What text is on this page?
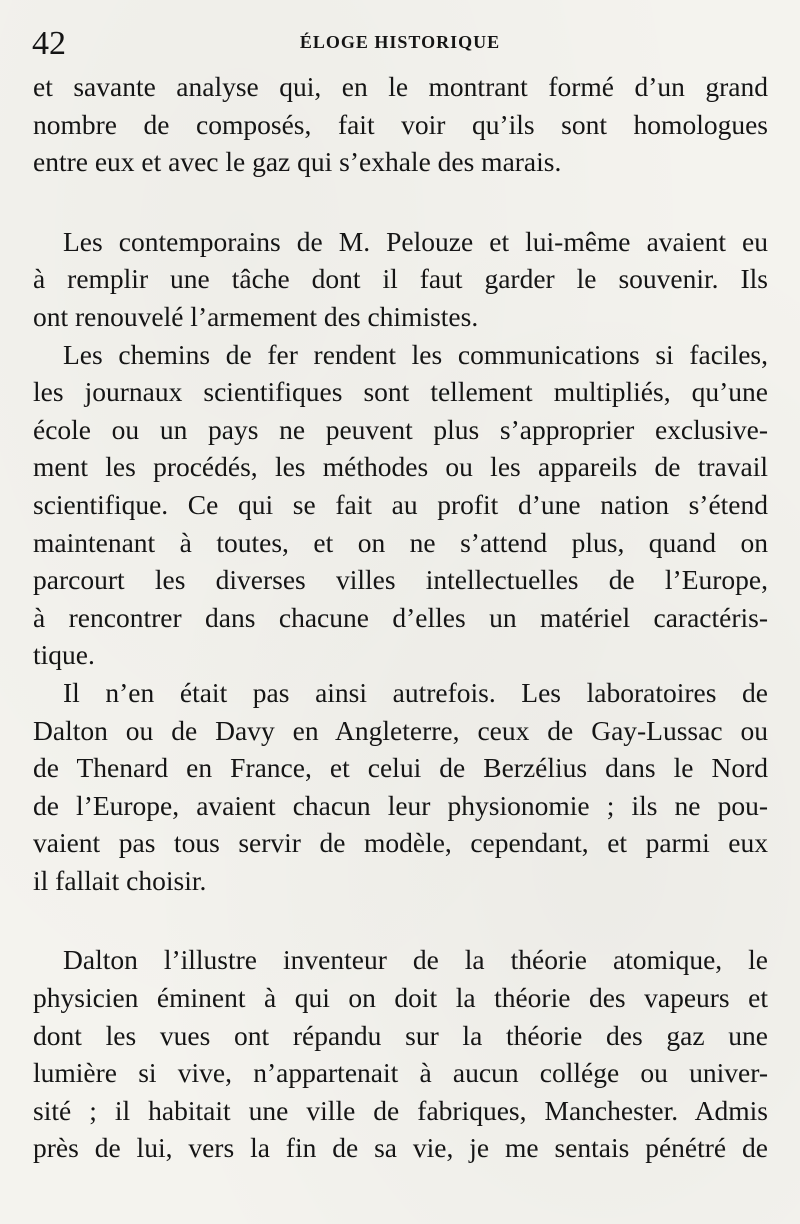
42	ÉLOGE HISTORIQUE
et savante analyse qui, en le montrant formé d’un grand
nombre de composés, fait voir qu’ils sont homologues
entre eux et avec le gaz qui s’exhale des marais.
Les contemporains de M. Pelouze et lui-même avaient eu
à remplir une tâche dont il faut garder le souvenir. Ils
ont renouvelé l’armement des chimistes.
Les chemins de fer rendent les communications si faciles,
les journaux scientifiques sont tellement multipliés, qu’une
école ou un pays ne peuvent plus s’approprier exclusive-
ment les procédés, les méthodes ou les appareils de travail
scientifique. Ce qui se fait au profit d’une nation s’étend
maintenant à toutes, et on ne s’attend plus, quand on
parcourt les diverses villes intellectuelles de l’Europe,
à rencontrer dans chacune d’elles un matériel caractéris-
tique.
Il n’en était pas ainsi autrefois. Les laboratoires de
Dalton ou de Davy en Angleterre, ceux de Gay-Lussac ou
de Thenard en France, et celui de Berzélius dans le Nord
de l’Europe, avaient chacun leur physionomie ; ils ne pou-
vaient pas tous servir de modèle, cependant, et parmi eux
il fallait choisir.
Dalton l’illustre inventeur de la théorie atomique, le
physicien éminent à qui on doit la théorie des vapeurs et
dont les vues ont répandu sur la théorie des gaz une
lumière si vive, n’appartenait à aucun collége ou univer-
sité ; il habitait une ville de fabriques, Manchester. Admis
près de lui, vers la fin de sa vie, je me sentais pénétré de
